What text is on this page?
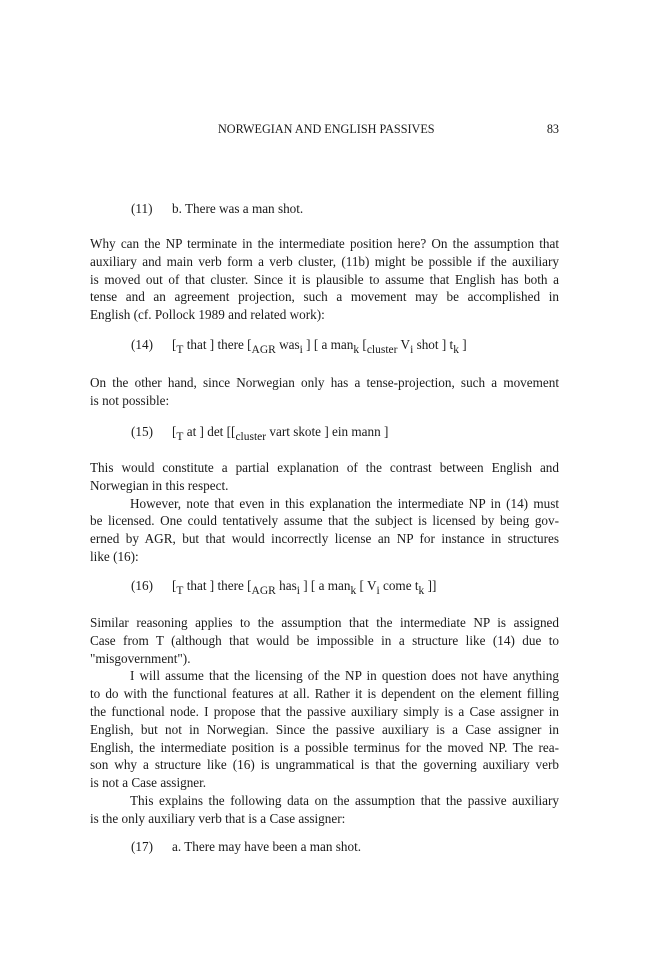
NORWEGIAN AND ENGLISH PASSIVES	83
(11) b. There was a man shot.
Why can the NP terminate in the intermediate position here? On the assumption that
auxiliary and main verb form a verb cluster, (11b) might be possible if the auxiliary
is moved out of that cluster. Since it is plausible to assume that English has both a
tense and an agreement projection, such a movement may be accomplished in
English (cf. Pollock 1989 and related work):
(14) [T that ] there [AGR wasi ] [ a mank [cluster Vi shot ] tk ]
On the other hand, since Norwegian only has a tense-projection, such a movement
is not possible:
(15) [T at ] det [[cluster vart skote ] ein mann ]
This would constitute a partial explanation of the contrast between English and
Norwegian in this respect.
However, note that even in this explanation the intermediate NP in (14) must
be licensed. One could tentatively assume that the subject is licensed by being gov-
erned by AGR, but that would incorrectly license an NP for instance in structures
like (16):
(16) [T that ] there [AGR hasi ] [ a mank [ Vi come tk ]]
Similar reasoning applies to the assumption that the intermediate NP is assigned
Case from T (although that would be impossible in a structure like (14) due to
"misgovernment").
I will assume that the licensing of the NP in question does not have anything
to do with the functional features at all. Rather it is dependent on the element filling
the functional node. I propose that the passive auxiliary simply is a Case assigner in
English, but not in Norwegian. Since the passive auxiliary is a Case assigner in
English, the intermediate position is a possible terminus for the moved NP. The rea-
son why a structure like (16) is ungrammatical is that the governing auxiliary verb
is not a Case assigner.
This explains the following data on the assumption that the passive auxiliary
is the only auxiliary verb that is a Case assigner:
(17) a. There may have been a man shot.
